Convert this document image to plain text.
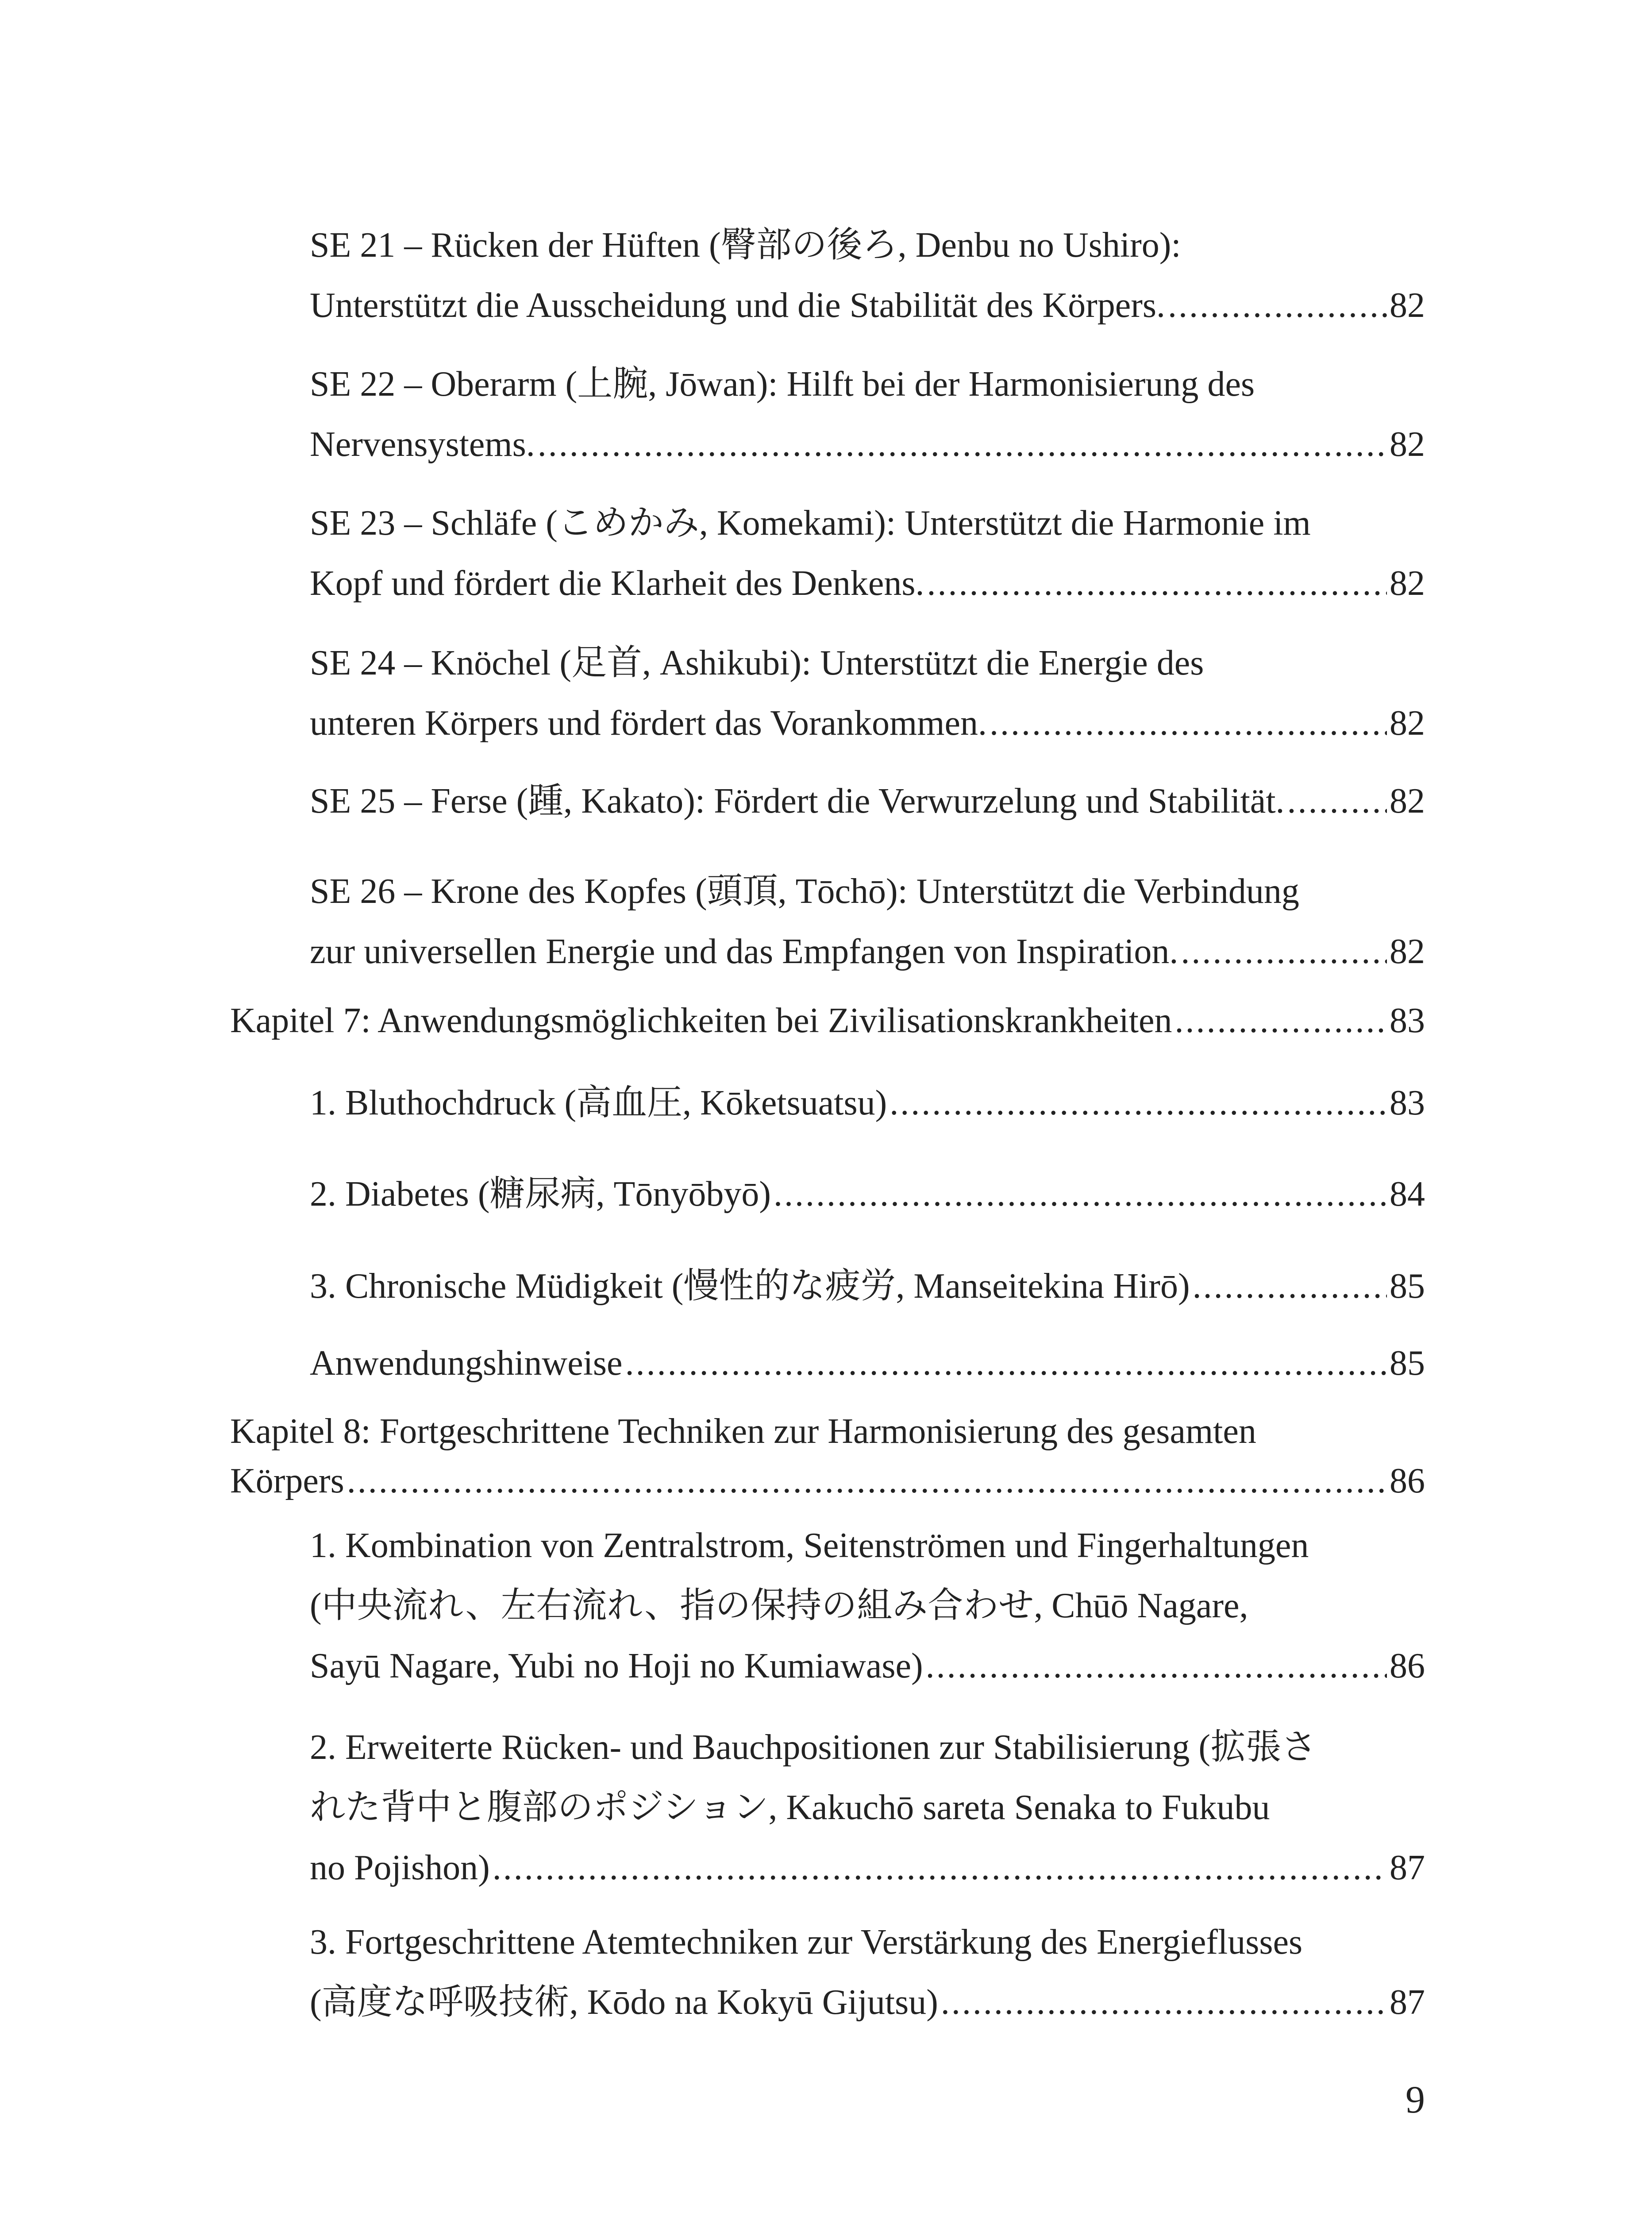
SE 21 – Rücken der Hüften (臀部の後ろ, Denbu no Ushiro):
Unterstützt die Ausscheidung und die Stabilität des Körpers. .....	82
SE 22 – Oberarm (上腕, Jōwan): Hilft bei der Harmonisierung des
Nervensystems. .....	82
SE 23 – Schläfe (こめかみ, Komekami): Unterstützt die Harmonie im
Kopf und fördert die Klarheit des Denkens. .....	82
SE 24 – Knöchel (足首, Ashikubi): Unterstützt die Energie des
unteren Körpers und fördert das Vorankommen. .....	82
SE 25 – Ferse (踵, Kakato): Fördert die Verwurzelung und Stabilität. .....	82
SE 26 – Krone des Kopfes (頭頂, Tōchō): Unterstützt die Verbindung
zur universellen Energie und das Empfangen von Inspiration. .....	82
Kapitel 7: Anwendungsmöglichkeiten bei Zivilisationskrankheiten .....	83
1. Bluthochdruck (高血圧, Kōketsuatsu) .....	83
2. Diabetes (糖尿病, Tōnyōbyō) .....	84
3. Chronische Müdigkeit (慢性的な疲労, Manseitekina Hirō) .....	85
Anwendungshinweise .....	85
Kapitel 8: Fortgeschrittene Techniken zur Harmonisierung des gesamten
Körpers .....	86
1. Kombination von Zentralstrom, Seitenströmen und Fingerhaltungen
(中央流れ、左右流れ、指の保持の組み合わせ, Chūō Nagare,
Sayū Nagare, Yubi no Hoji no Kumiawase) .....	86
2. Erweiterte Rücken- und Bauchpositionen zur Stabilisierung (拡張さ
れた背中と腹部のポジション, Kakuchō sareta Senaka to Fukubu
no Pojishon) .....	87
3. Fortgeschrittene Atemtechniken zur Verstärkung des Energieflusses
(高度な呼吸技術, Kōdo na Kokyū Gijutsu) .....	87
9
